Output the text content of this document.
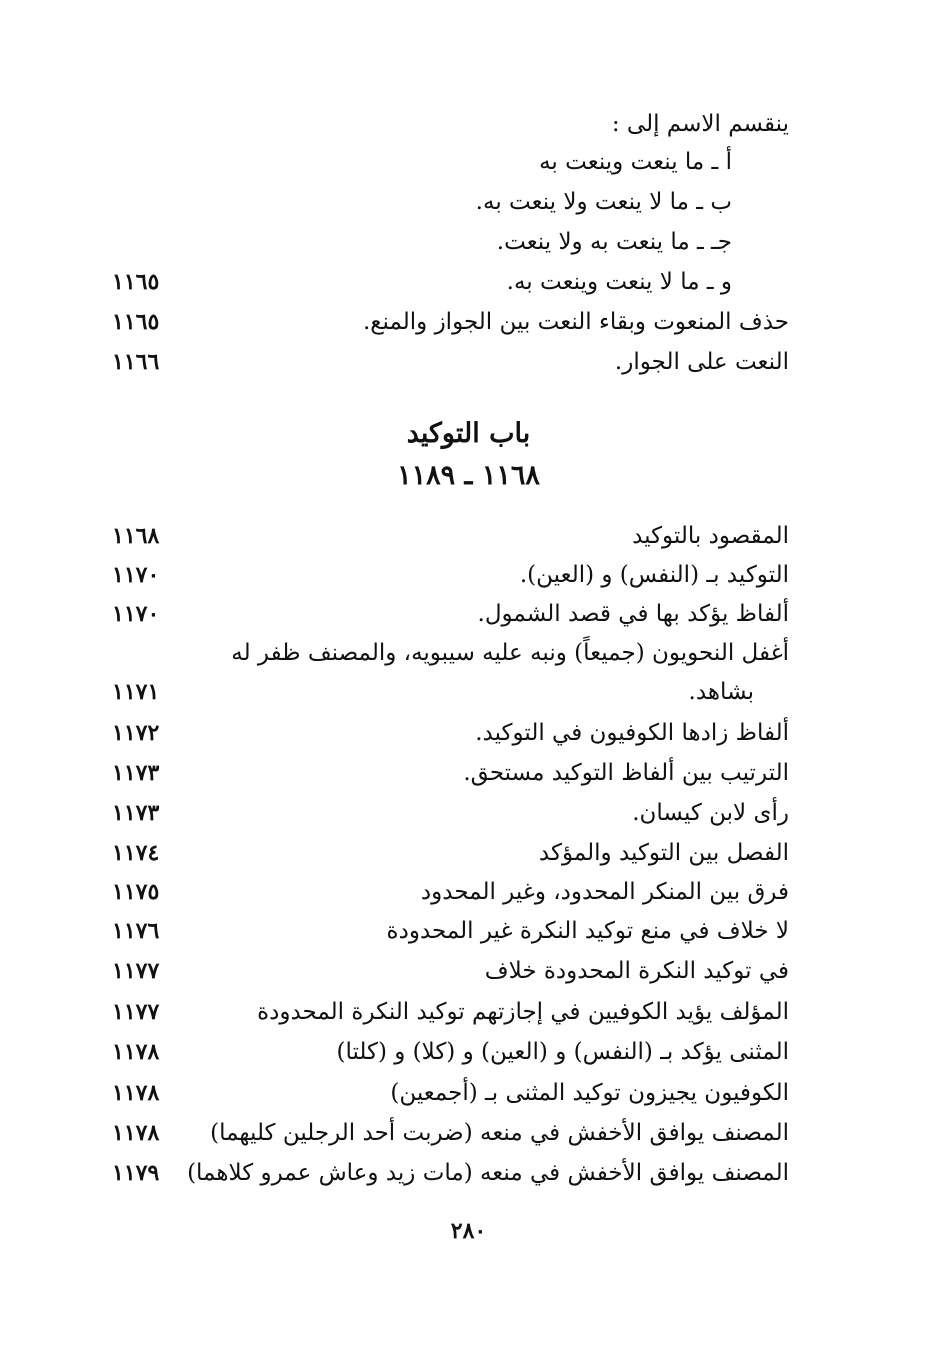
ينقسم الاسم إلى :
أ ـ ما ينعت وينعت به
ب ـ ما لا ينعت ولا ينعت به.
جـ ـ ما ينعت به ولا ينعت.
و ـ ما لا ينعت وينعت به.
١١٦٥
حذف المنعوت وبقاء النعت بين الجواز والمنع.
١١٦٥
النعت على الجوار.
١١٦٦
باب التوكيد
١١٦٨ ـ ١١٨٩
المقصود بالتوكيد
١١٦٨
التوكيد بـ (النفس) و (العين).
١١٧٠
ألفاظ يؤكد بها في قصد الشمول.
١١٧٠
أغفل النحويون (جميعاً) ونبه عليه سيبويه، والمصنف ظفر له
بشاهد.
١١٧١
ألفاظ زادها الكوفيون في التوكيد.
١١٧٢
الترتيب بين ألفاظ التوكيد مستحق.
١١٧٣
رأى لابن كيسان.
١١٧٣
الفصل بين التوكيد والمؤكد
١١٧٤
فرق بين المنكر المحدود، وغير المحدود
١١٧٥
لا خلاف في منع توكيد النكرة غير المحدودة
١١٧٦
في توكيد النكرة المحدودة خلاف
١١٧٧
المؤلف يؤيد الكوفيين في إجازتهم توكيد النكرة المحدودة
١١٧٧
المثنى يؤكد بـ (النفس) و (العين) و (كلا) و (كلتا)
١١٧٨
الكوفيون يجيزون توكيد المثنى بـ (أجمعين)
١١٧٨
المصنف يوافق الأخفش في منعه (ضربت أحد الرجلين كليهما)
١١٧٨
المصنف يوافق الأخفش في منعه (مات زيد وعاش عمرو كلاهما)
١١٧٩
٢٨٠
